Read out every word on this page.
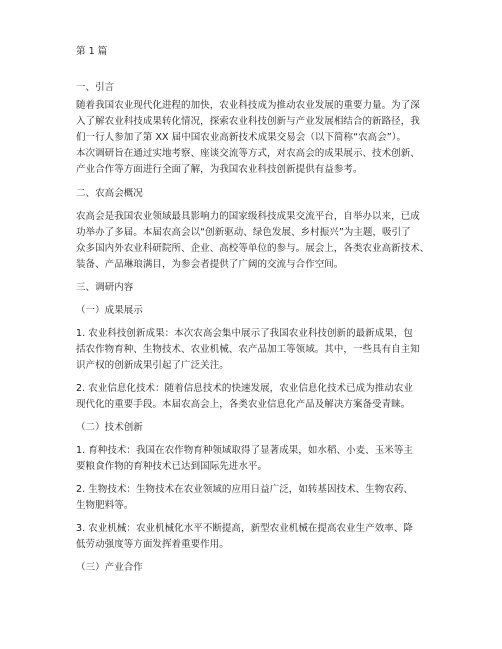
第 1 篇
一、引言
随着我国农业现代化进程的加快，农业科技成为推动农业发展的重要力量。为了深
入了解农业科技成果转化情况，探索农业科技创新与产业发展相结合的新路径，我
们一行人参加了第 XX 届中国农业高新技术成果交易会（以下简称“农高会”）。
本次调研旨在通过实地考察、座谈交流等方式，对农高会的成果展示、技术创新、
产业合作等方面进行全面了解，为我国农业科技创新提供有益参考。
二、农高会概况
农高会是我国农业领域最具影响力的国家级科技成果交流平台，自举办以来，已成
功举办了多届。本届农高会以“创新驱动、绿色发展、乡村振兴”为主题，吸引了
众多国内外农业科研院所、企业、高校等单位的参与。展会上，各类农业高新技术、
装备、产品琳琅满目，为参会者提供了广阔的交流与合作空间。
三、调研内容
（一）成果展示
1. 农业科技创新成果：本次农高会集中展示了我国农业科技创新的最新成果，包
括农作物育种、生物技术、农业机械、农产品加工等领域。其中，一些具有自主知
识产权的创新成果引起了广泛关注。
2. 农业信息化技术：随着信息技术的快速发展，农业信息化技术已成为推动农业
现代化的重要手段。本届农高会上，各类农业信息化产品及解决方案备受青睐。
（二）技术创新
1. 育种技术：我国在农作物育种领域取得了显著成果，如水稻、小麦、玉米等主
要粮食作物的育种技术已达到国际先进水平。
2. 生物技术：生物技术在农业领域的应用日益广泛，如转基因技术、生物农药、
生物肥料等。
3. 农业机械：农业机械化水平不断提高，新型农业机械在提高农业生产效率、降
低劳动强度等方面发挥着重要作用。
（三）产业合作
